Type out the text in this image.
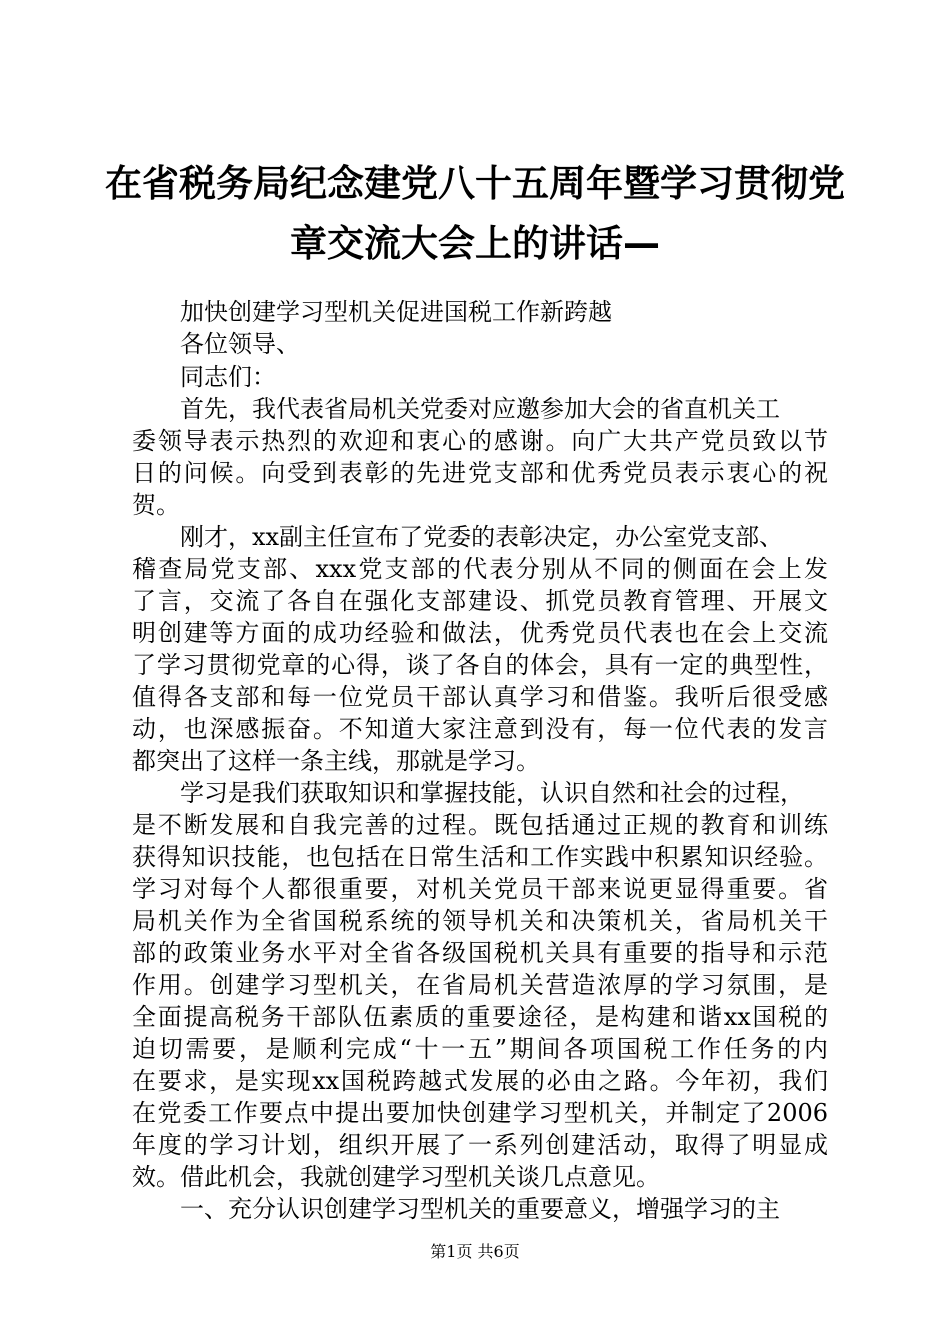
在省税务局纪念建党八十五周年暨学习贯彻党
章交流大会上的讲话—
加快创建学习型机关促进国税工作新跨越
各位领导、
同志们：
首先，我代表省局机关党委对应邀参加大会的省直机关工
委领导表示热烈的欢迎和衷心的感谢。向广大共产党员致以节
日的问候。向受到表彰的先进党支部和优秀党员表示衷心的祝
贺。
刚才，xx副主任宣布了党委的表彰决定，办公室党支部、
稽查局党支部、xxx党支部的代表分别从不同的侧面在会上发
了言，交流了各自在强化支部建设、抓党员教育管理、开展文
明创建等方面的成功经验和做法，优秀党员代表也在会上交流
了学习贯彻党章的心得，谈了各自的体会，具有一定的典型性，
值得各支部和每一位党员干部认真学习和借鉴。我听后很受感
动，也深感振奋。不知道大家注意到没有，每一位代表的发言
都突出了这样一条主线，那就是学习。
学习是我们获取知识和掌握技能，认识自然和社会的过程，
是不断发展和自我完善的过程。既包括通过正规的教育和训练
获得知识技能，也包括在日常生活和工作实践中积累知识经验。
学习对每个人都很重要，对机关党员干部来说更显得重要。省
局机关作为全省国税系统的领导机关和决策机关，省局机关干
部的政策业务水平对全省各级国税机关具有重要的指导和示范
作用。创建学习型机关，在省局机关营造浓厚的学习氛围，是
全面提高税务干部队伍素质的重要途径，是构建和谐xx国税的
迫切需要，是顺利完成“十一五”期间各项国税工作任务的内
在要求，是实现xx国税跨越式发展的必由之路。今年初，我们
在党委工作要点中提出要加快创建学习型机关，并制定了2006
年度的学习计划，组织开展了一系列创建活动，取得了明显成
效。借此机会，我就创建学习型机关谈几点意见。
一、充分认识创建学习型机关的重要意义，增强学习的主
第1页 共6页
